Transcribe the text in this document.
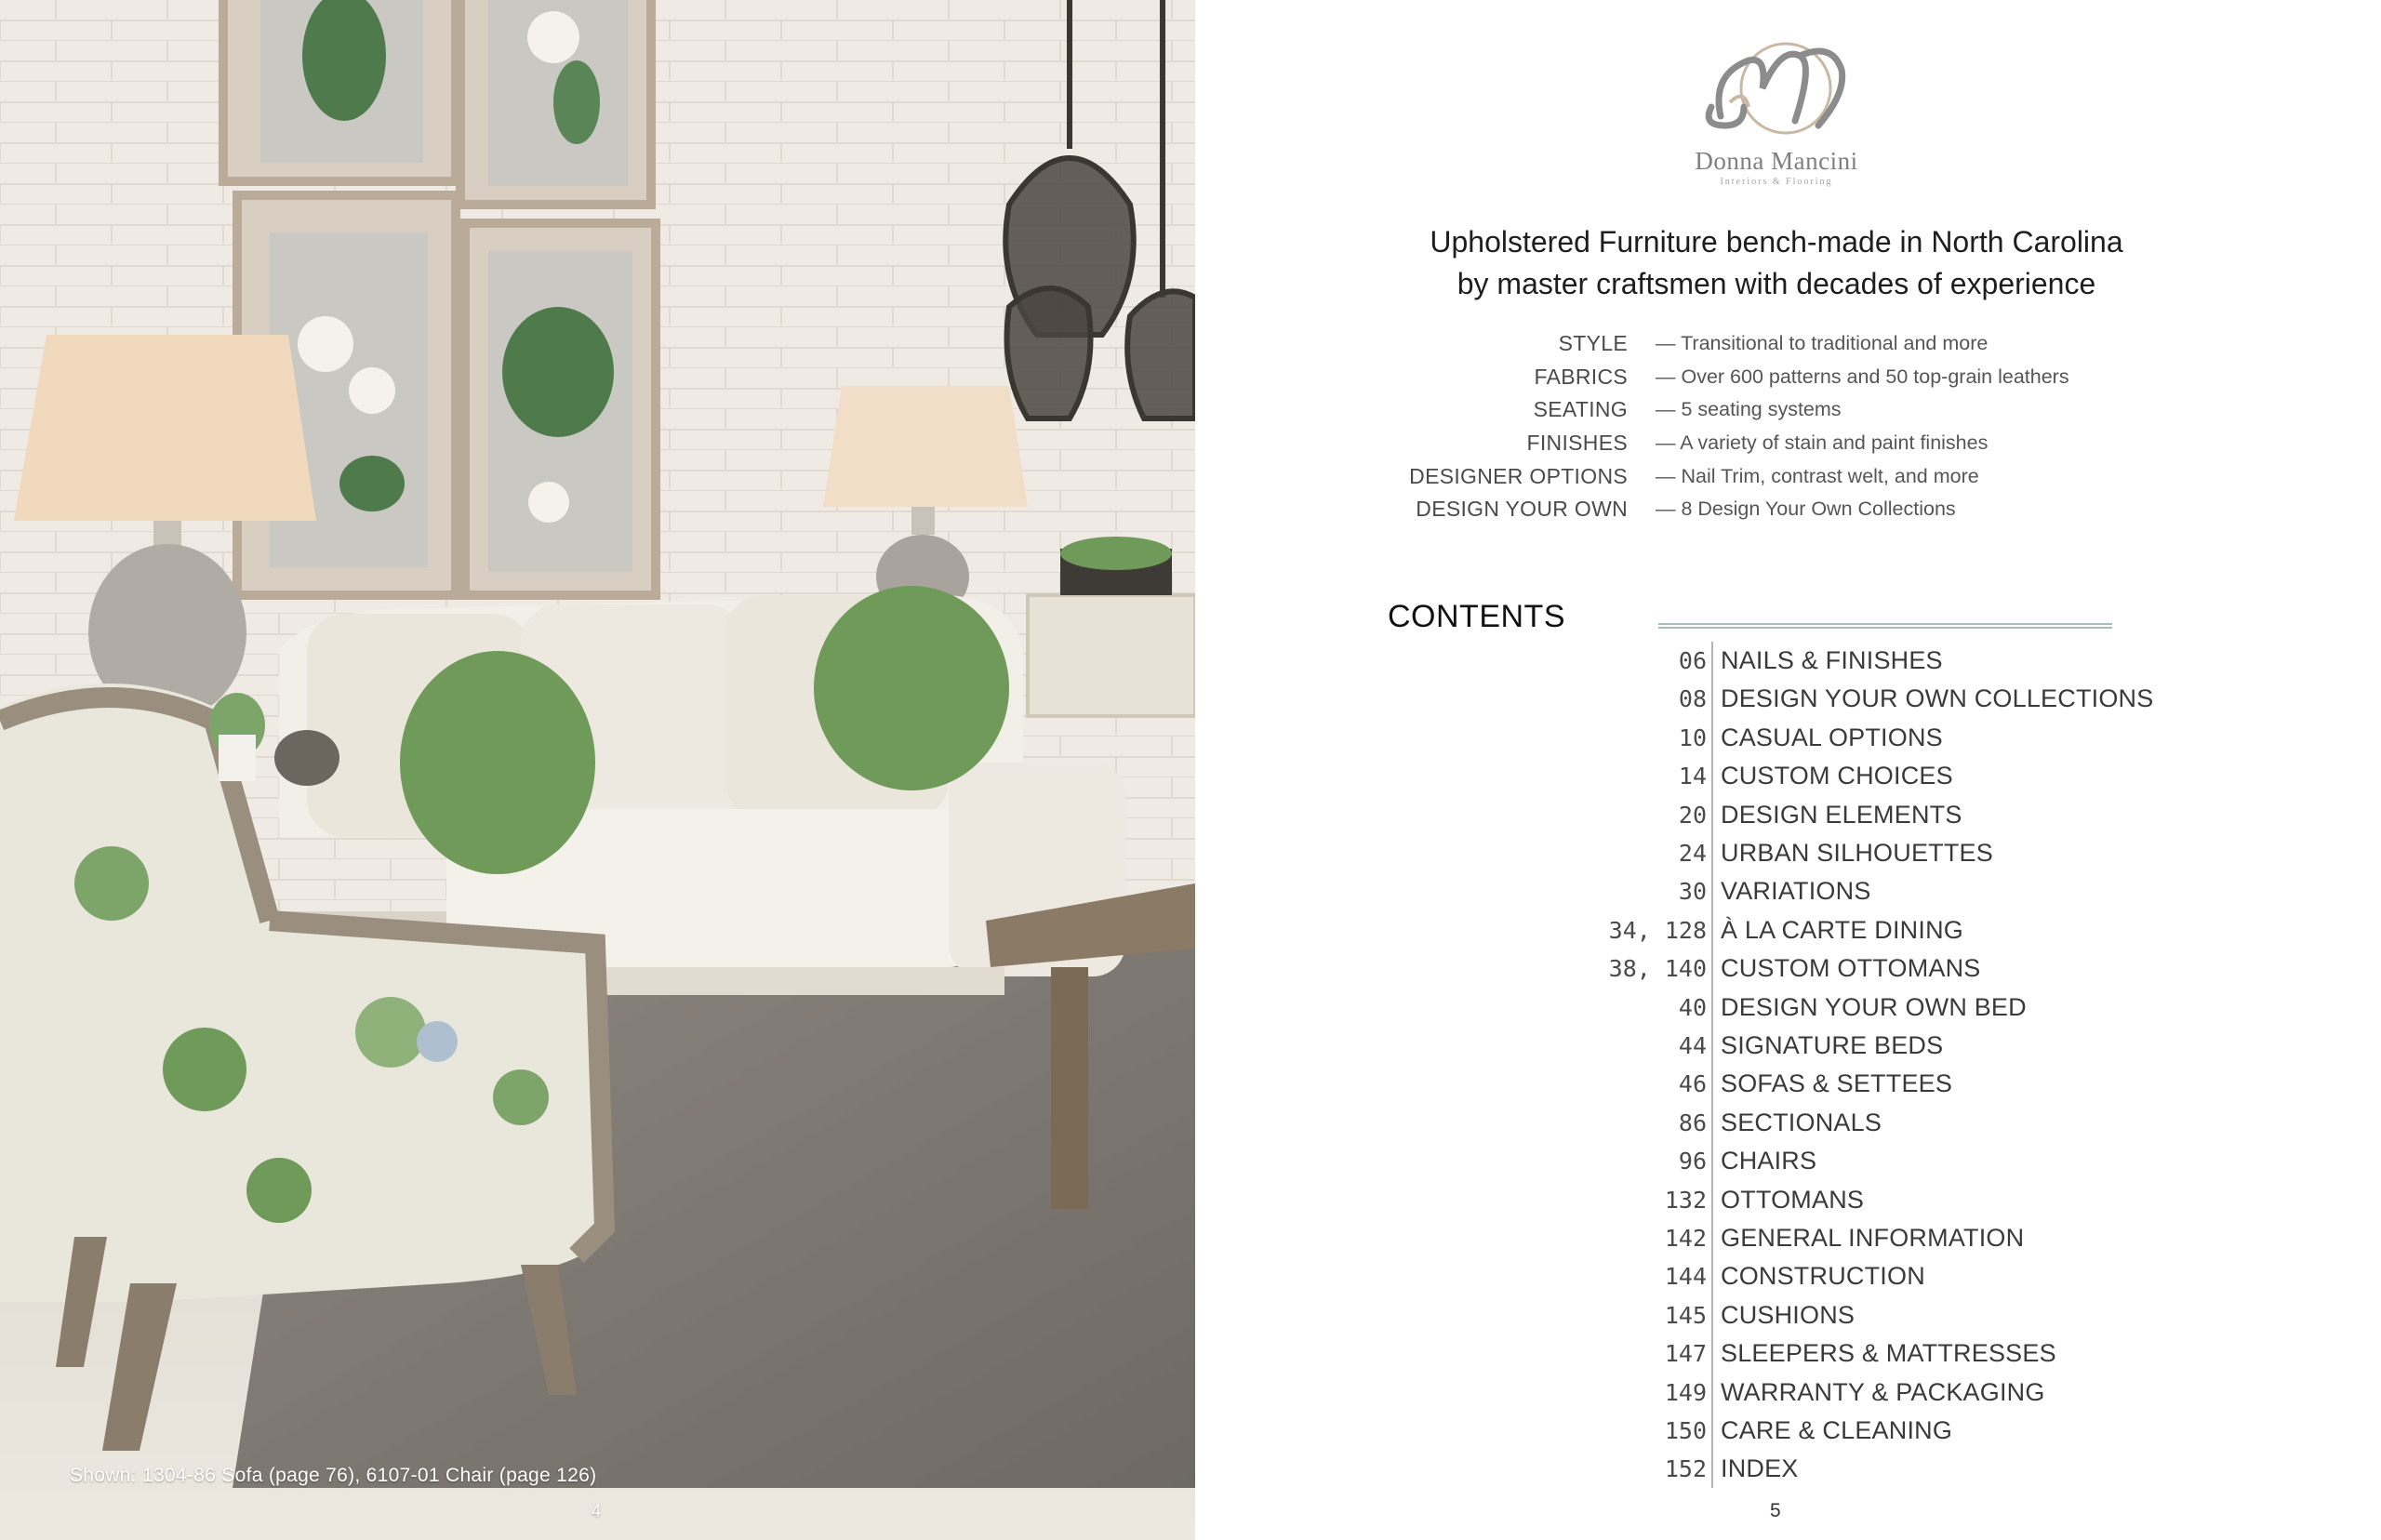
Shown: 1304-86 Sofa (page 76), 6107-01 Chair (page 126)
4
Donna Mancini
Interiors & Flooring
Upholstered Furniture bench-made in North Carolina
by master craftsmen with decades of experience
STYLE	— Transitional to traditional and more
FABRICS	— Over 600 patterns and 50 top-grain leathers
SEATING	— 5 seating systems
FINISHES	— A variety of stain and paint finishes
DESIGNER OPTIONS	— Nail Trim, contrast welt, and more
DESIGN YOUR OWN	— 8 Design Your Own Collections
CONTENTS
06 NAILS & FINISHES
08 DESIGN YOUR OWN COLLECTIONS
10 CASUAL OPTIONS
14 CUSTOM CHOICES
20 DESIGN ELEMENTS
24 URBAN SILHOUETTES
30 VARIATIONS
34, 128 À LA CARTE DINING
38, 140 CUSTOM OTTOMANS
40 DESIGN YOUR OWN BED
44 SIGNATURE BEDS
46 SOFAS & SETTEES
86 SECTIONALS
96 CHAIRS
132 OTTOMANS
142 GENERAL INFORMATION
144 CONSTRUCTION
145 CUSHIONS
147 SLEEPERS & MATTRESSES
149 WARRANTY & PACKAGING
150 CARE & CLEANING
152 INDEX
5
